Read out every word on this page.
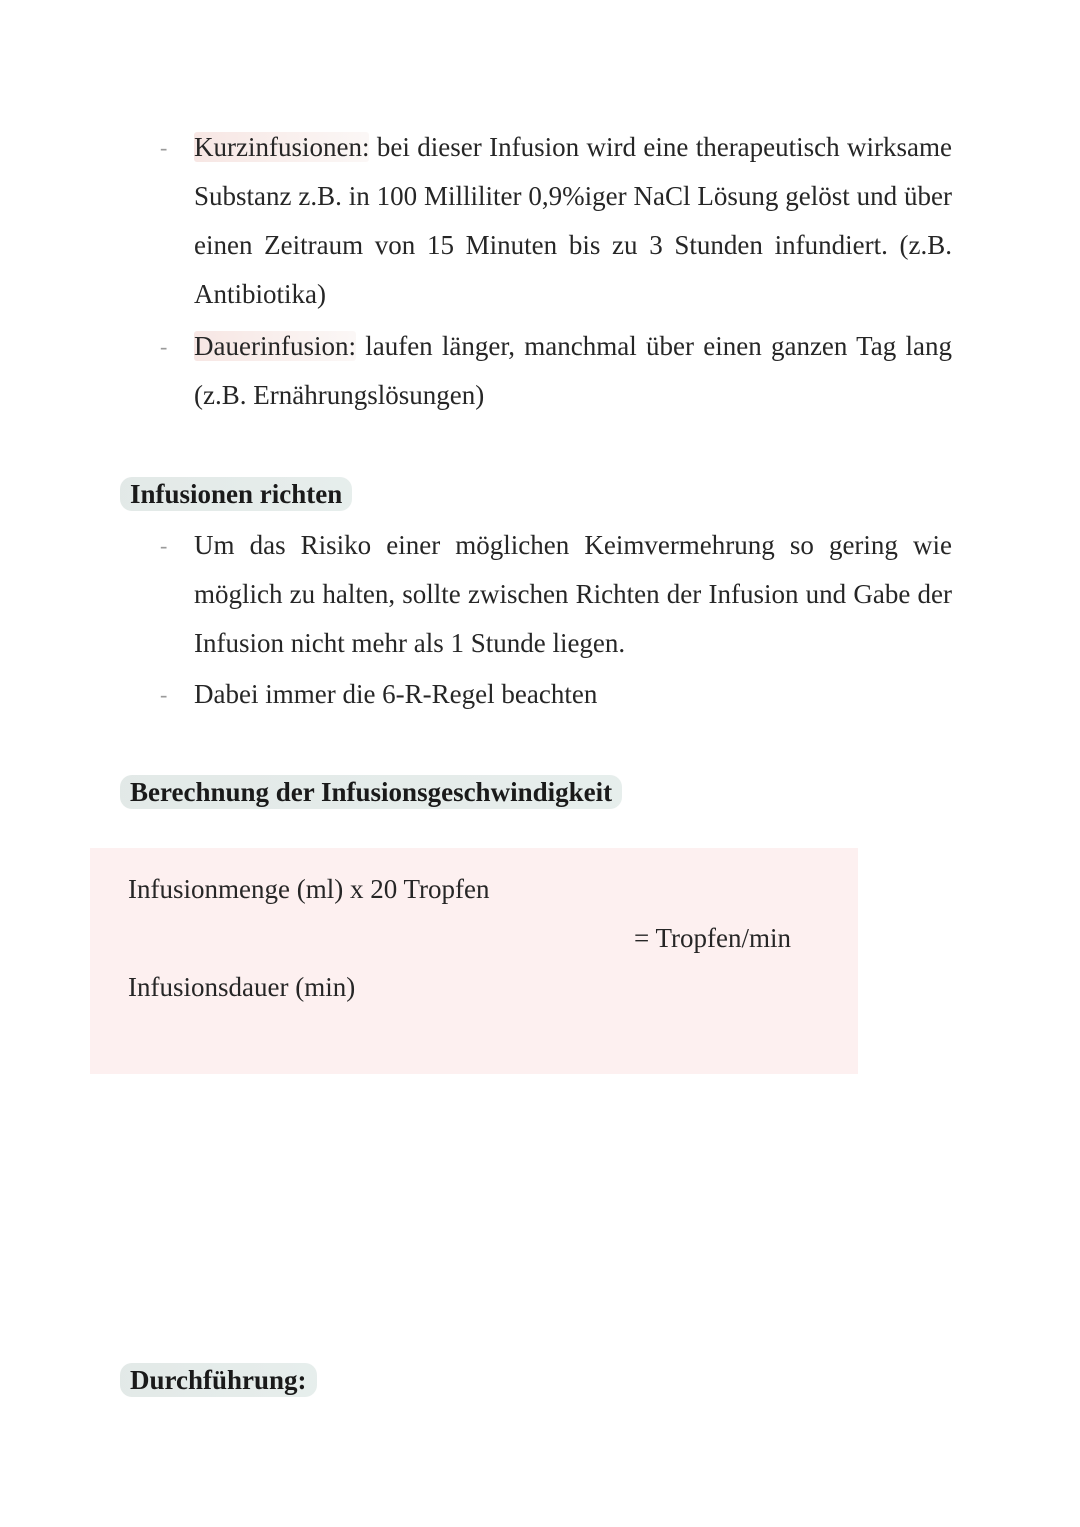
- Kurzinfusionen: bei dieser Infusion wird eine therapeutisch wirksame Substanz z.B. in 100 Milliliter 0,9%iger NaCl Lösung gelöst und über einen Zeitraum von 15 Minuten bis zu 3 Stunden infundiert. (z.B. Antibiotika)
- Dauerinfusion: laufen länger, manchmal über einen ganzen Tag lang (z.B. Ernährungslösungen)
Infusionen richten
- Um das Risiko einer möglichen Keimvermehrung so gering wie möglich zu halten, sollte zwischen Richten der Infusion und Gabe der Infusion nicht mehr als 1 Stunde liegen.
- Dabei immer die 6-R-Regel beachten
Berechnung der Infusionsgeschwindigkeit
Infusionmenge (ml) x 20 Tropfen
= Tropfen/min
Infusionsdauer (min)
Durchführung:
